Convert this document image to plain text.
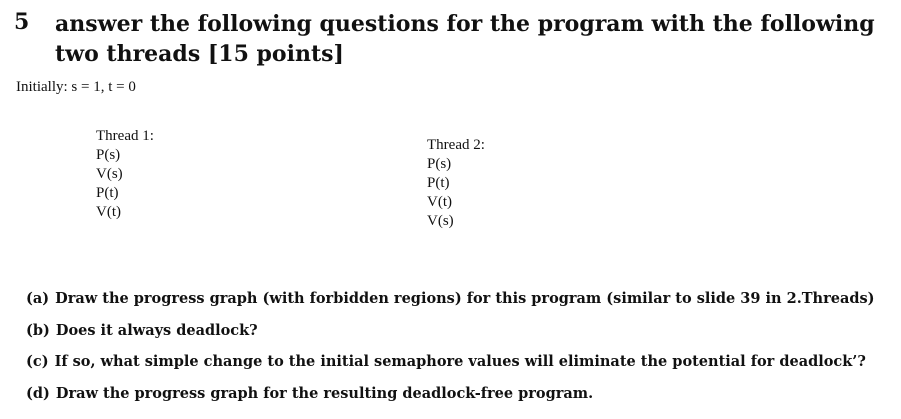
5 answer the following questions for the program with the following two threads [15 points]
Initially: s = 1, t = 0
Thread 1:
P(s)
V(s)
P(t)
V(t)
Thread 2:
P(s)
P(t)
V(t)
V(s)
(a) Draw the progress graph (with forbidden regions) for this program (similar to slide 39 in 2.Threads)
(b) Does it always deadlock?
(c) If so, what simple change to the initial semaphore values will eliminate the potential for deadlock’?
(d) Draw the progress graph for the resulting deadlock-free program.
